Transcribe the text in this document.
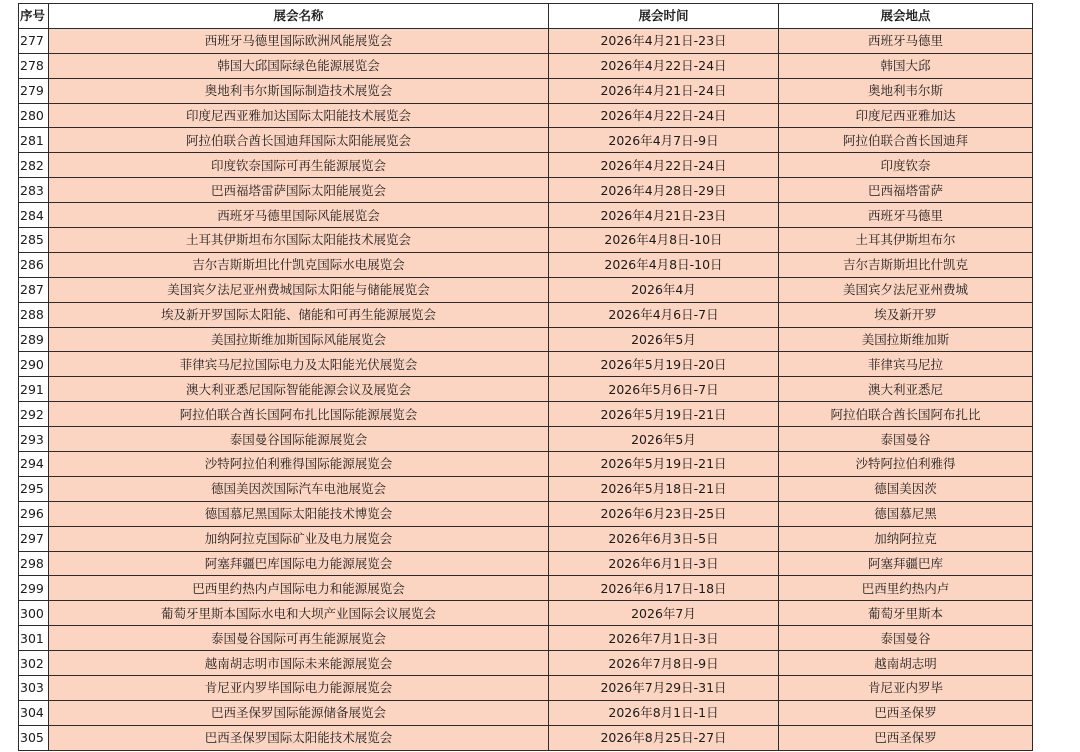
序号	展会名称	展会时间	展会地点
277	西班牙马德里国际欧洲风能展览会	2026年4月21日-23日	西班牙马德里
278	韩国大邱国际绿色能源展览会	2026年4月22日-24日	韩国大邱
279	奥地利韦尔斯国际制造技术展览会	2026年4月21日-24日	奥地利韦尔斯
280	印度尼西亚雅加达国际太阳能技术展览会	2026年4月22日-24日	印度尼西亚雅加达
281	阿拉伯联合酋长国迪拜国际太阳能展览会	2026年4月7日-9日	阿拉伯联合酋长国迪拜
282	印度钦奈国际可再生能源展览会	2026年4月22日-24日	印度钦奈
283	巴西福塔雷萨国际太阳能展览会	2026年4月28日-29日	巴西福塔雷萨
284	西班牙马德里国际风能展览会	2026年4月21日-23日	西班牙马德里
285	土耳其伊斯坦布尔国际太阳能技术展览会	2026年4月8日-10日	土耳其伊斯坦布尔
286	吉尔吉斯斯坦比什凯克国际水电展览会	2026年4月8日-10日	吉尔吉斯斯坦比什凯克
287	美国宾夕法尼亚州费城国际太阳能与储能展览会	2026年4月	美国宾夕法尼亚州费城
288	埃及新开罗国际太阳能、储能和可再生能源展览会	2026年4月6日-7日	埃及新开罗
289	美国拉斯维加斯国际风能展览会	2026年5月	美国拉斯维加斯
290	菲律宾马尼拉国际电力及太阳能光伏展览会	2026年5月19日-20日	菲律宾马尼拉
291	澳大利亚悉尼国际智能能源会议及展览会	2026年5月6日-7日	澳大利亚悉尼
292	阿拉伯联合酋长国阿布扎比国际能源展览会	2026年5月19日-21日	阿拉伯联合酋长国阿布扎比
293	泰国曼谷国际能源展览会	2026年5月	泰国曼谷
294	沙特阿拉伯利雅得国际能源展览会	2026年5月19日-21日	沙特阿拉伯利雅得
295	德国美因茨国际汽车电池展览会	2026年5月18日-21日	德国美因茨
296	德国慕尼黑国际太阳能技术博览会	2026年6月23日-25日	德国慕尼黑
297	加纳阿拉克国际矿业及电力展览会	2026年6月3日-5日	加纳阿拉克
298	阿塞拜疆巴库国际电力能源展览会	2026年6月1日-3日	阿塞拜疆巴库
299	巴西里约热内卢国际电力和能源展览会	2026年6月17日-18日	巴西里约热内卢
300	葡萄牙里斯本国际水电和大坝产业国际会议展览会	2026年7月	葡萄牙里斯本
301	泰国曼谷国际可再生能源展览会	2026年7月1日-3日	泰国曼谷
302	越南胡志明市国际未来能源展览会	2026年7月8日-9日	越南胡志明
303	肯尼亚内罗毕国际电力能源展览会	2026年7月29日-31日	肯尼亚内罗毕
304	巴西圣保罗国际能源储备展览会	2026年8月1日-1日	巴西圣保罗
305	巴西圣保罗国际太阳能技术展览会	2026年8月25日-27日	巴西圣保罗
